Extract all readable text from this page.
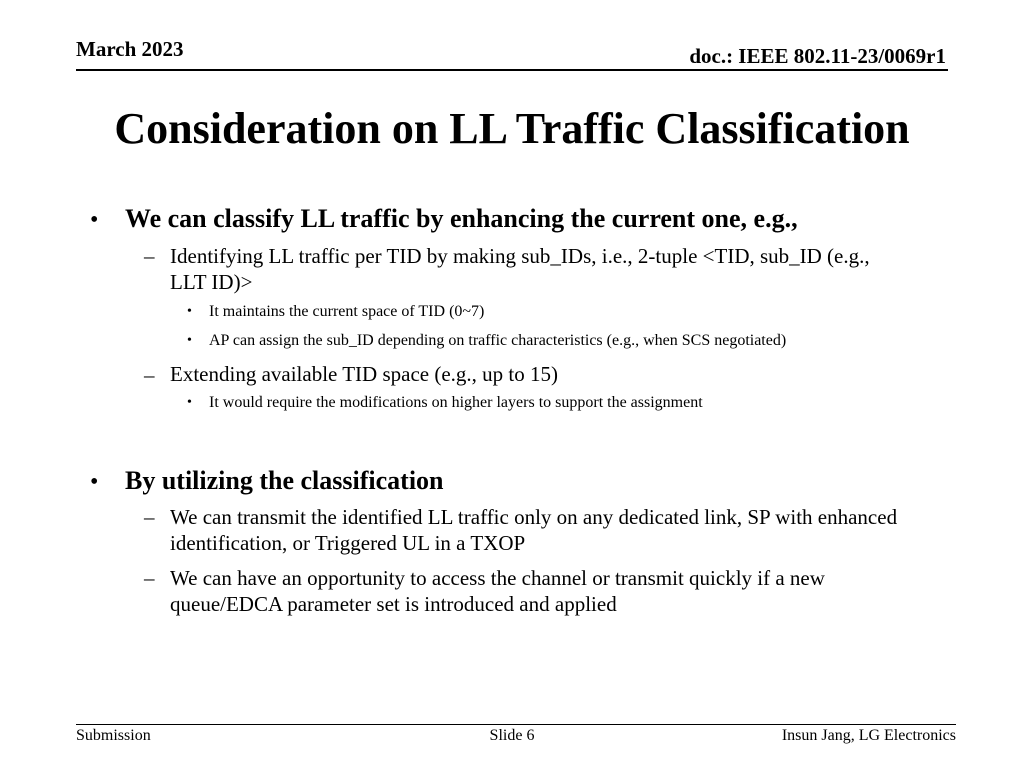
March 2023	doc.: IEEE 802.11-23/0069r1
Consideration on LL Traffic Classification
• We can classify LL traffic by enhancing the current one, e.g.,
– Identifying LL traffic per TID by making sub_IDs, i.e., 2-tuple <TID, sub_ID (e.g., LLT ID)>
• It maintains the current space of TID (0~7)
• AP can assign the sub_ID depending on traffic characteristics (e.g., when SCS negotiated)
– Extending available TID space (e.g., up to 15)
• It would require the modifications on higher layers to support the assignment
• By utilizing the classification
– We can transmit the identified LL traffic only on any dedicated link, SP with enhanced identification, or Triggered UL in a TXOP
– We can have an opportunity to access the channel or transmit quickly if a new queue/EDCA parameter set is introduced and applied
Submission	Slide 6	Insun Jang, LG Electronics
